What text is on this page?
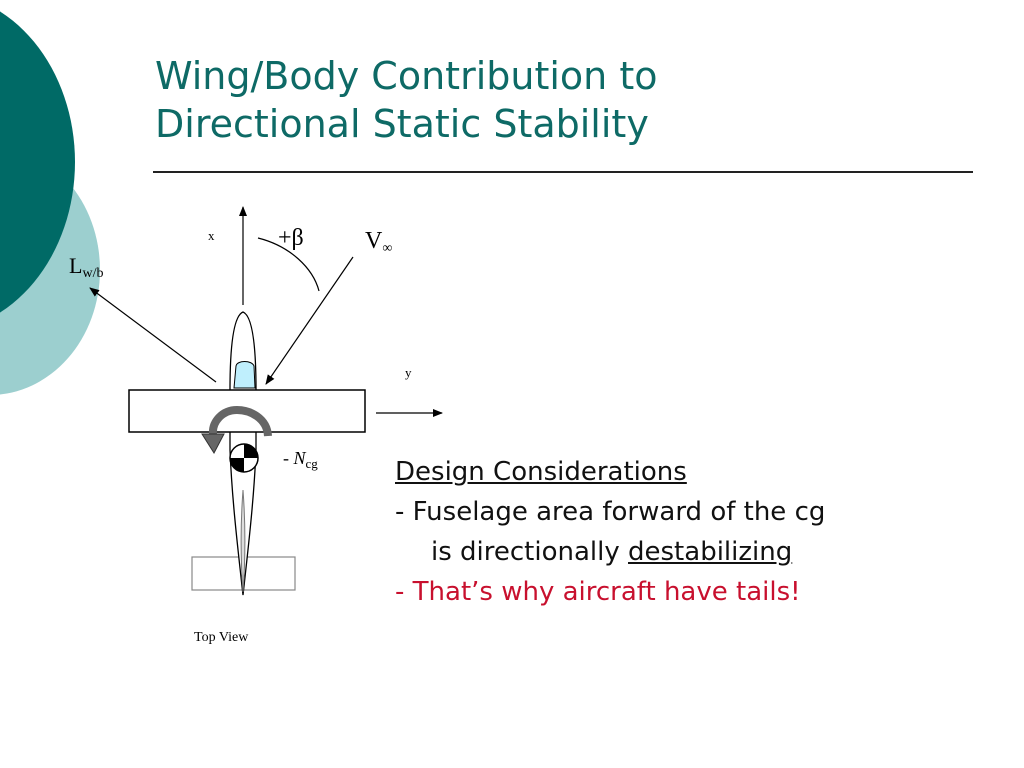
Wing/Body Contribution to
Directional Static Stability
x
y
+β	V∞
Lw/b
- $N_{cg}$
Top View
Design Considerations
- Fuselage area forward of the cg
is directionally destabilizing
- That’s why aircraft have tails!
